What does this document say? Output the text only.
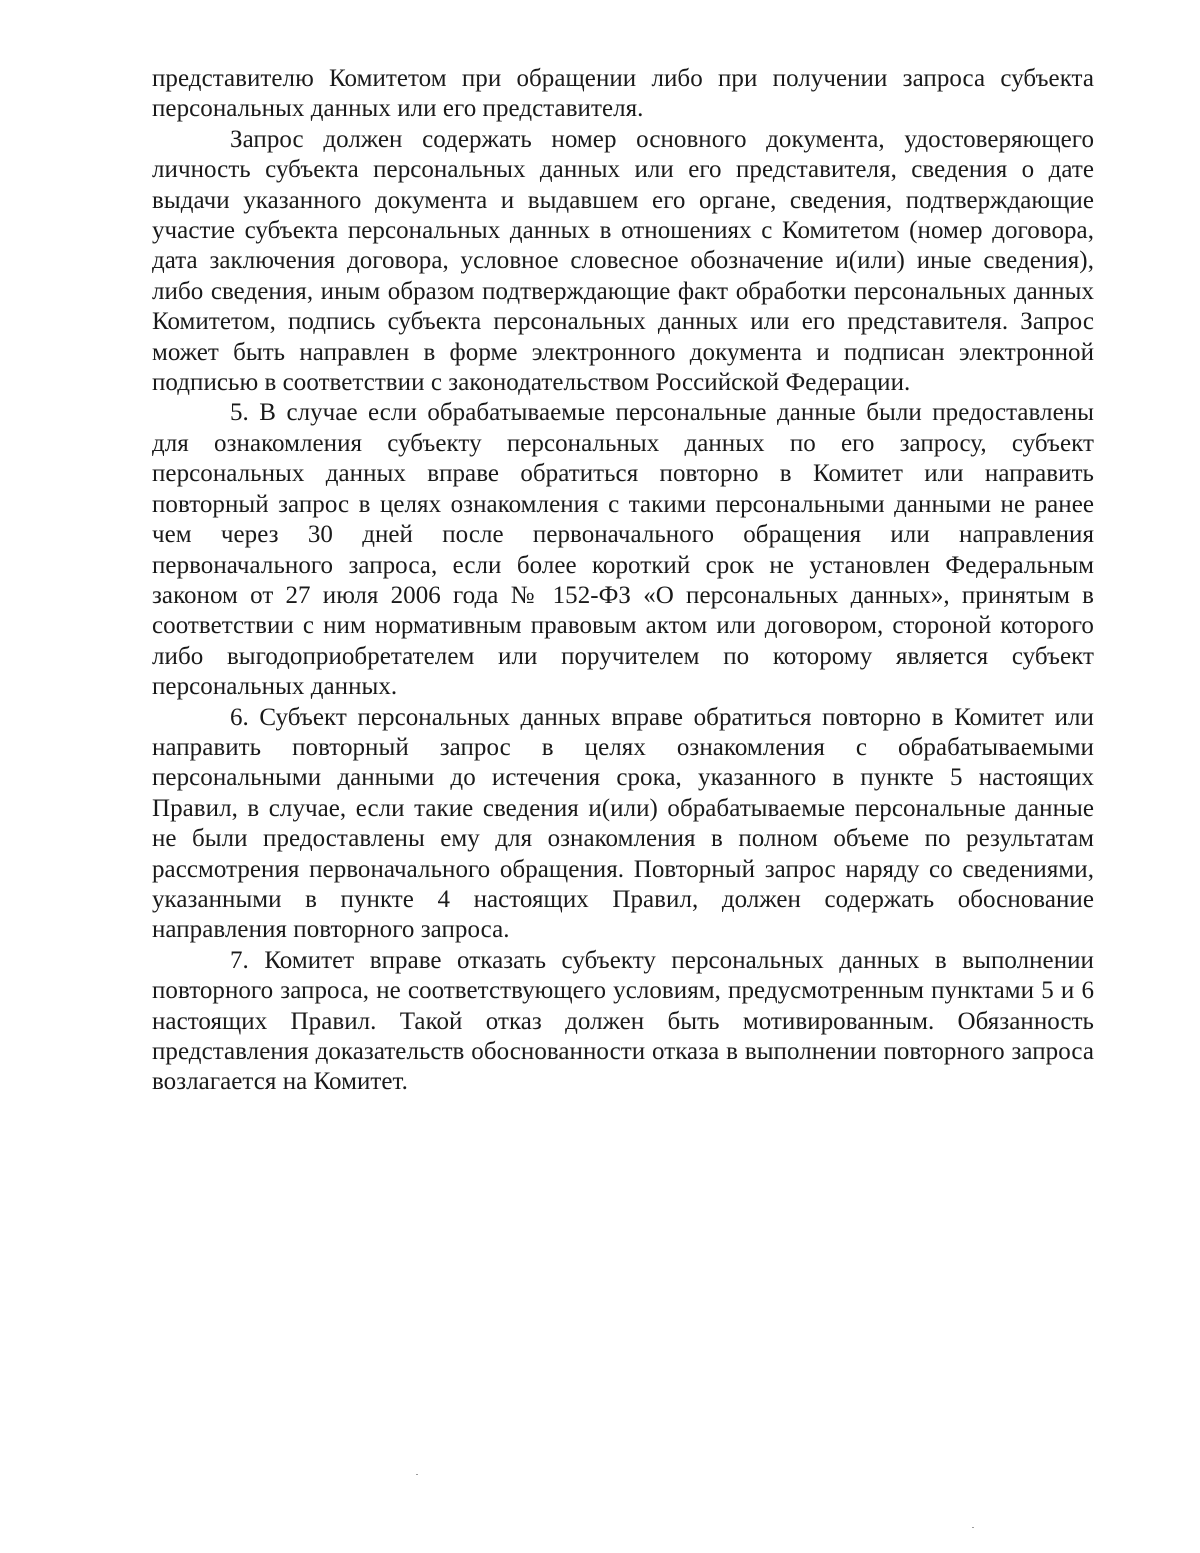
представителю Комитетом при обращении либо при получении запроса субъекта персональных данных или его представителя.

Запрос должен содержать номер основного документа, удостоверяющего личность субъекта персональных данных или его представителя, сведения о дате выдачи указанного документа и выдавшем его органе, сведения, подтверждающие участие субъекта персональных данных в отношениях с Комитетом (номер договора, дата заключения договора, условное словесное обозначение и(или) иные сведения), либо сведения, иным образом подтверждающие факт обработки персональных данных Комитетом, подпись субъекта персональных данных или его представителя. Запрос может быть направлен в форме электронного документа и подписан электронной подписью в соответствии с законодательством Российской Федерации.

5. В случае если обрабатываемые персональные данные были предоставлены для ознакомления субъекту персональных данных по его запросу, субъект персональных данных вправе обратиться повторно в Комитет или направить повторный запрос в целях ознакомления с такими персональными данными не ранее чем через 30 дней после первоначального обращения или направления первоначального запроса, если более короткий срок не установлен Федеральным законом от 27 июля 2006 года № 152-ФЗ «О персональных данных», принятым в соответствии с ним нормативным правовым актом или договором, стороной которого либо выгодоприобретателем или поручителем по которому является субъект персональных данных.

6. Субъект персональных данных вправе обратиться повторно в Комитет или направить повторный запрос в целях ознакомления с обрабатываемыми персональными данными до истечения срока, указанного в пункте 5 настоящих Правил, в случае, если такие сведения и(или) обрабатываемые персональные данные не были предоставлены ему для ознакомления в полном объеме по результатам рассмотрения первоначального обращения. Повторный запрос наряду со сведениями, указанными в пункте 4 настоящих Правил, должен содержать обоснование направления повторного запроса.

7. Комитет вправе отказать субъекту персональных данных в выполнении повторного запроса, не соответствующего условиям, предусмотренным пунктами 5 и 6 настоящих Правил. Такой отказ должен быть мотивированным. Обязанность представления доказательств обоснованности отказа в выполнении повторного запроса возлагается на Комитет.
